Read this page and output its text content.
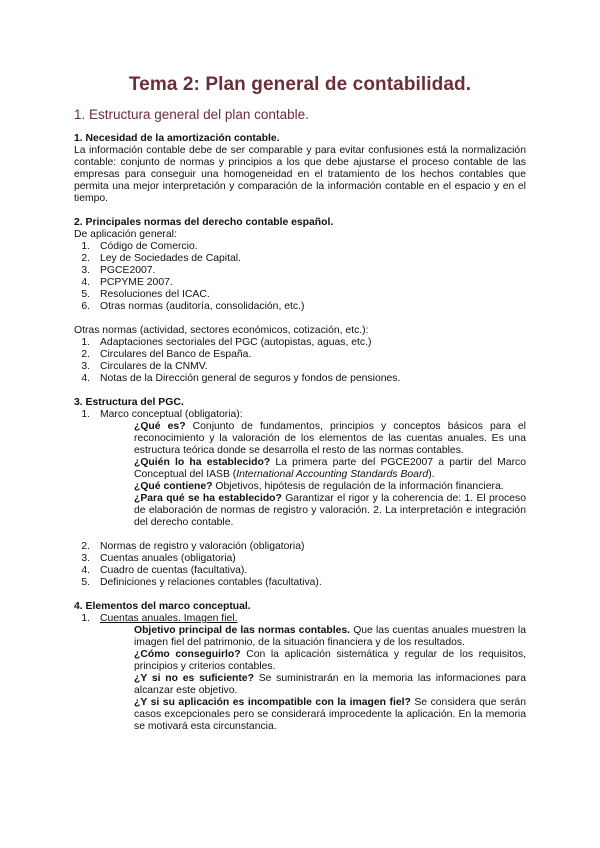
Tema 2: Plan general de contabilidad.
1. Estructura general del plan contable.
1. Necesidad de la amortización contable.
La información contable debe de ser comparable y para evitar confusiones está la normalización contable: conjunto de normas y principios a los que debe ajustarse el proceso contable de las empresas para conseguir una homogeneidad en el tratamiento de los hechos contables que permita una mejor interpretación y comparación de la información contable en el espacio y en el tiempo.
2. Principales normas del derecho contable español.
De aplicación general:
1. Código de Comercio.
2. Ley de Sociedades de Capital.
3. PGCE2007.
4. PCPYME 2007.
5. Resoluciones del ICAC.
6. Otras normas (auditoría, consolidación, etc.)
Otras normas (actividad, sectores económicos, cotización, etc.):
1. Adaptaciones sectoriales del PGC (autopistas, aguas, etc.)
2. Circulares del Banco de España.
3. Circulares de la CNMV.
4. Notas de la Dirección general de seguros y fondos de pensiones.
3. Estructura del PGC.
1. Marco conceptual (obligatoria):
¿Qué es? Conjunto de fundamentos, principios y conceptos básicos para el reconocimiento y la valoración de los elementos de las cuentas anuales. Es una estructura teórica donde se desarrolla el resto de las normas contables.
¿Quién lo ha establecido? La primera parte del PGCE2007 a partir del Marco Conceptual del IASB (International Accounting Standards Board).
¿Qué contiene? Objetivos, hipótesis de regulación de la información financiera.
¿Para qué se ha establecido? Garantizar el rigor y la coherencia de: 1. El proceso de elaboración de normas de registro y valoración. 2. La interpretación e integración del derecho contable.
2. Normas de registro y valoración (obligatoria)
3. Cuentas anuales (obligatoria)
4. Cuadro de cuentas (facultativa).
5. Definiciones y relaciones contables (facultativa).
4. Elementos del marco conceptual.
1. Cuentas anuales. Imagen fiel.
Objetivo principal de las normas contables. Que las cuentas anuales muestren la imagen fiel del patrimonio, de la situación financiera y de los resultados.
¿Cómo conseguirlo? Con la aplicación sistemática y regular de los requisitos, principios y criterios contables.
¿Y si no es suficiente? Se suministrarán en la memoria las informaciones para alcanzar este objetivo.
¿Y si su aplicación es incompatible con la imagen fiel? Se considera que serán casos excepcionales pero se considerará improcedente la aplicación. En la memoria se motivará esta circunstancia.
